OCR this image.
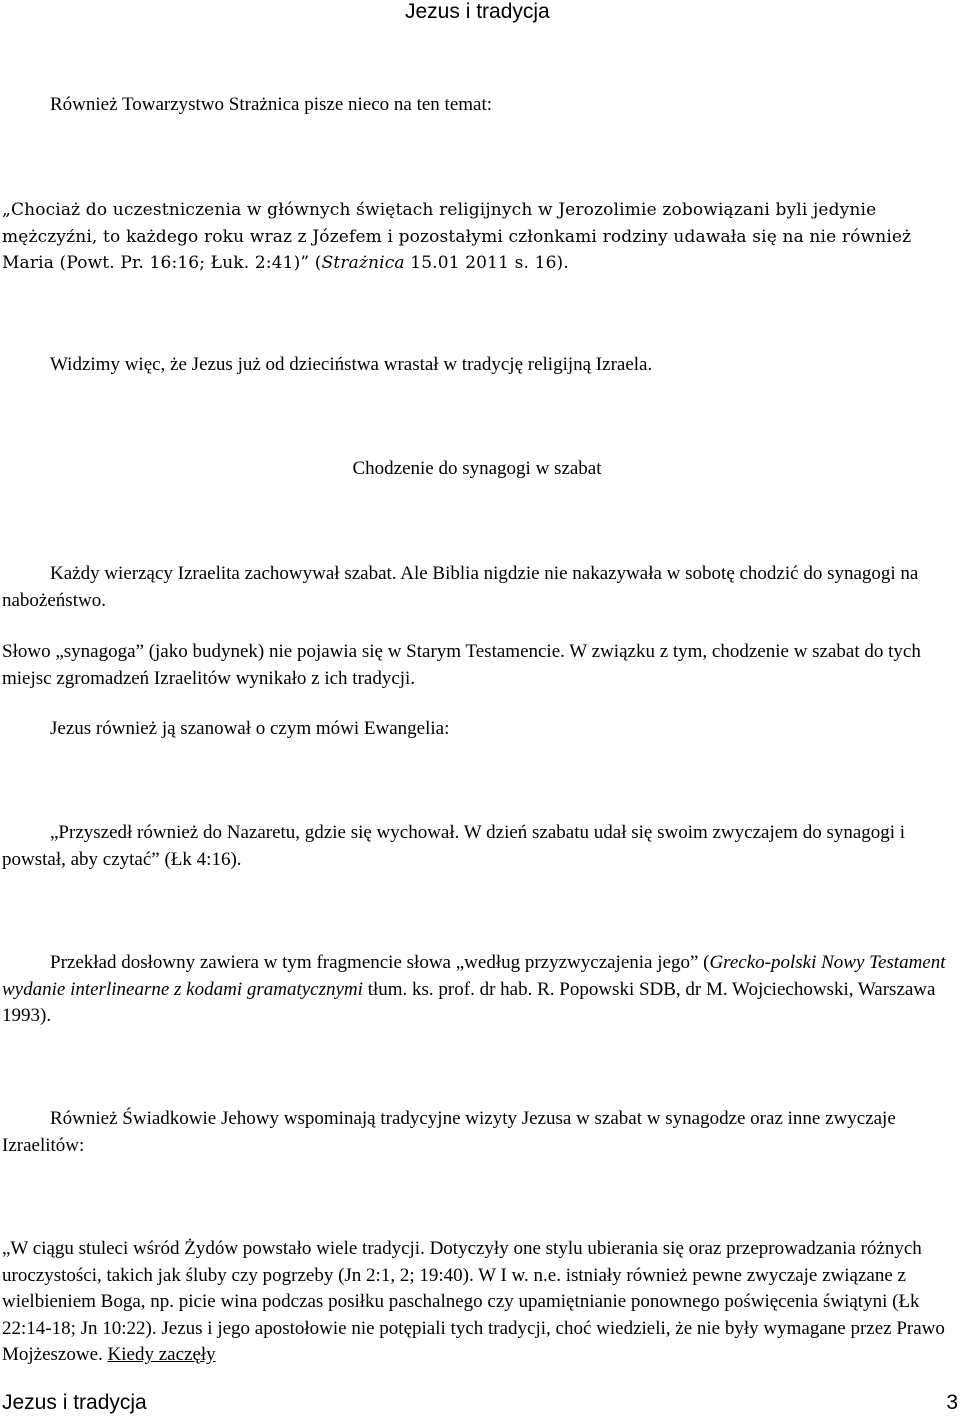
Jezus i tradycja

Również Towarzystwo Strażnica pisze nieco na ten temat:

„Chociaż do uczestniczenia w głównych świętach religijnych w Jerozolimie zobowiązani byli jedynie mężczyźni, to każdego roku wraz z Józefem i pozostałymi członkami rodziny udawała się na nie również Maria (Powt. Pr. 16:16; Łuk. 2:41)” (Strażnica 15.01 2011 s. 16).

Widzimy więc, że Jezus już od dzieciństwa wrastał w tradycję religijną Izraela.

Chodzenie do synagogi w szabat

Każdy wierzący Izraelita zachowywał szabat. Ale Biblia nigdzie nie nakazywała w sobotę chodzić do synagogi na nabożeństwo.

Słowo „synagoga” (jako budynek) nie pojawia się w Starym Testamencie. W związku z tym, chodzenie w szabat do tych miejsc zgromadzeń Izraelitów wynikało z ich tradycji.

Jezus również ją szanował o czym mówi Ewangelia:

„Przyszedł również do Nazaretu, gdzie się wychował. W dzień szabatu udał się swoim zwyczajem do synagogi i powstał, aby czytać” (Łk 4:16).

Przekład dosłowny zawiera w tym fragmencie słowa „według przyzwyczajenia jego” (Grecko-polski Nowy Testament wydanie interlinearne z kodami gramatycznymi tłum. ks. prof. dr hab. R. Popowski SDB, dr M. Wojciechowski, Warszawa 1993).

Również Świadkowie Jehowy wspominają tradycyjne wizyty Jezusa w szabat w synagodze oraz inne zwyczaje Izraelitów:

„W ciągu stuleci wśród Żydów powstało wiele tradycji. Dotyczyły one stylu ubierania się oraz przeprowadzania różnych uroczystości, takich jak śluby czy pogrzeby (Jn 2:1, 2; 19:40). W I w. n.e. istniały również pewne zwyczaje związane z wielbieniem Boga, np. picie wina podczas posiłku paschalnego czy upamiętnianie ponownego poświęcenia świątyni (Łk 22:14-18; Jn 10:22). Jezus i jego apostołowie nie potępiali tych tradycji, choć wiedzieli, że nie były wymagane przez Prawo Mojżeszowe. Kiedy zaczęły

Jezus i tradycja	3
